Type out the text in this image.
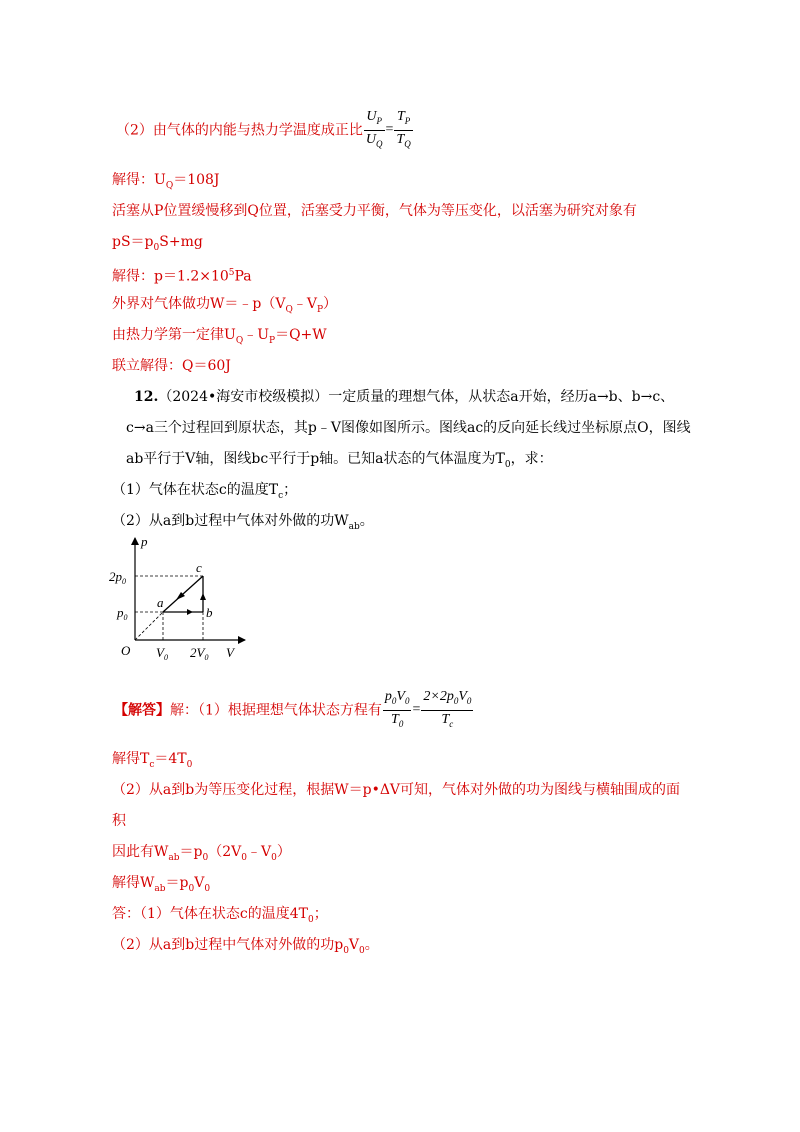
（2）由气体的内能与热力学温度成正比 $\frac{U_P}{U_Q} = \frac{T_P}{T_Q}$
解得：$U_Q=108J$
活塞从P位置缓慢移到Q位置，活塞受力平衡，气体为等压变化，以活塞为研究对象有
$pS=p_0S+mg$
解得：$p=1.2\times 10^5Pa$
外界对气体做功$W=﹣p(V_Q﹣V_P)$
由热力学第一定律$U_Q﹣U_P=Q+W$
联立解得：Q＝60J
12.（2024•海安市校级模拟）一定质量的理想气体，从状态a开始，经历a→b、b→c、
c→a三个过程回到原状态，其p﹣V图像如图所示。图线ac的反向延长线过坐标原点O，图线
ab平行于V轴，图线bc平行于p轴。已知a状态的气体温度为$T_0$，求：
（1）气体在状态c的温度$T_c$；
（2）从a到b过程中气体对外做的功$W_{ab}$。
p
V
O
$2p_0$
$p_0$
$V_0$ $2V_0$
a
b
c
【解答】解：（1）根据理想气体状态方程有 $\frac{p_0V_0}{T_0} = \frac{2\times 2p_0V_0}{T_c}$
解得$T_c=4T_0$
（2）从a到b为等压变化过程，根据W＝p•ΔV可知，气体对外做的功为图线与横轴围成的面
积
因此有$W_{ab}=p_0(2V_0﹣V_0)$
解得$W_{ab}=p_0V_0$
答：（1）气体在状态c的温度$4T_0$；
（2）从a到b过程中气体对外做的功$p_0V_0$。
